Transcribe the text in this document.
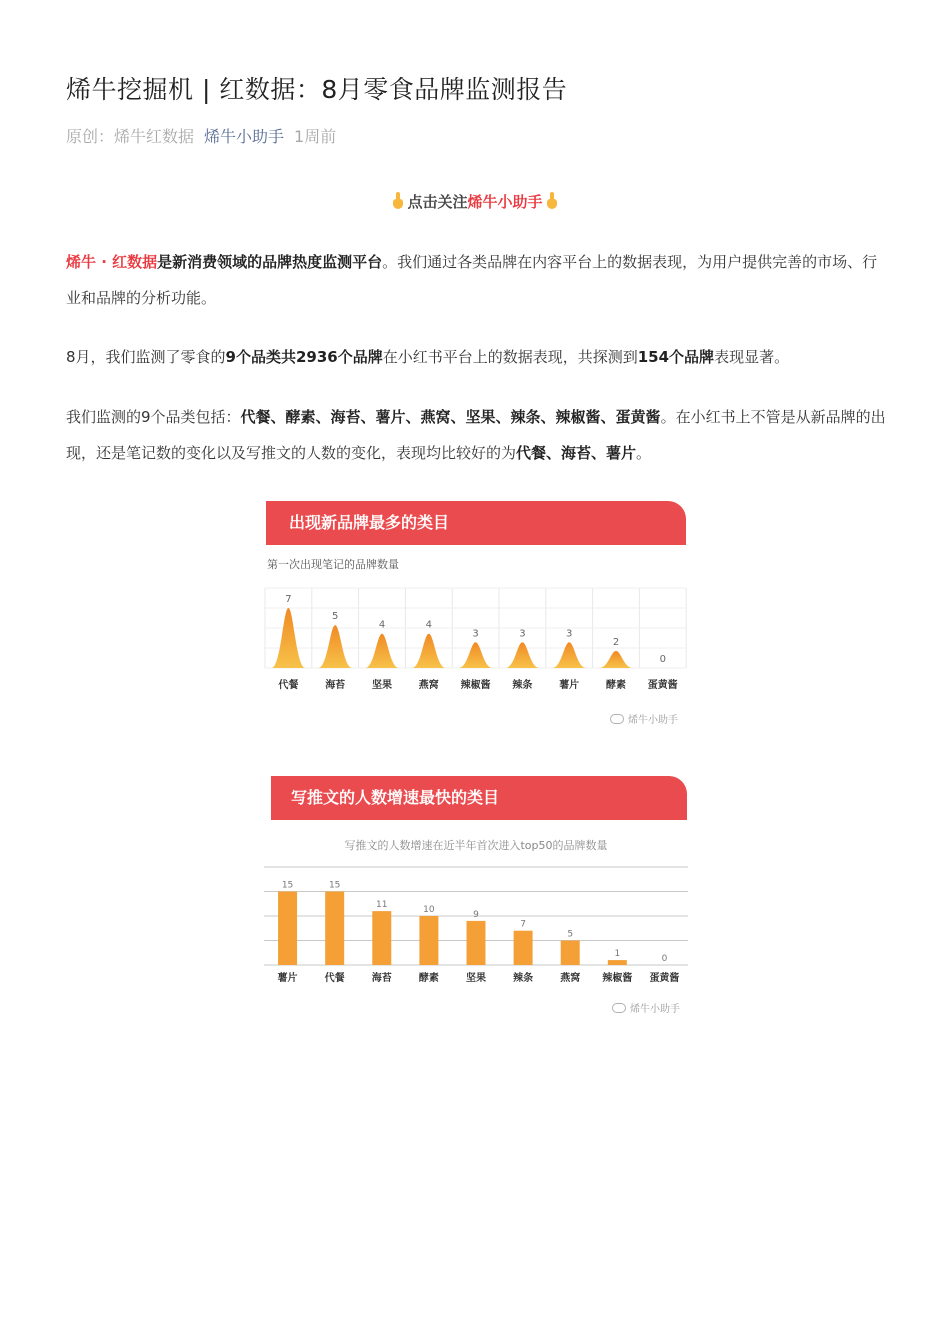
烯牛挖掘机 | 红数据：8月零食品牌监测报告
原创：烯牛红数据 烯牛小助手 1周前
点击关注烯牛小助手
烯牛 · 红数据是新消费领域的品牌热度监测平台。我们通过各类品牌在内容平台上的数据表现，为用户提供完善的市场、行业和品牌的分析功能。
8月，我们监测了零食的9个品类共2936个品牌在小红书平台上的数据表现，共探测到154个品牌表现显著。
我们监测的9个品类包括：代餐、酵素、海苔、薯片、燕窝、坚果、辣条、辣椒酱、蛋黄酱。在小红书上不管是从新品牌的出现，还是笔记数的变化以及写推文的人数的变化，表现均比较好的为代餐、海苔、薯片。
出现新品牌最多的类目
第一次出现笔记的品牌数量
7
代餐
5
海苔
4
坚果
4
燕窝
3
辣椒酱
3
辣条
3
薯片
2
酵素
0
蛋黄酱
烯牛小助手
写推文的人数增速最快的类目
写推文的人数增速在近半年首次进入top50的品牌数量
15
薯片
15
代餐
11
海苔
10
酵素
9
坚果
7
辣条
5
燕窝
1
辣椒酱
0
蛋黄酱
烯牛小助手
